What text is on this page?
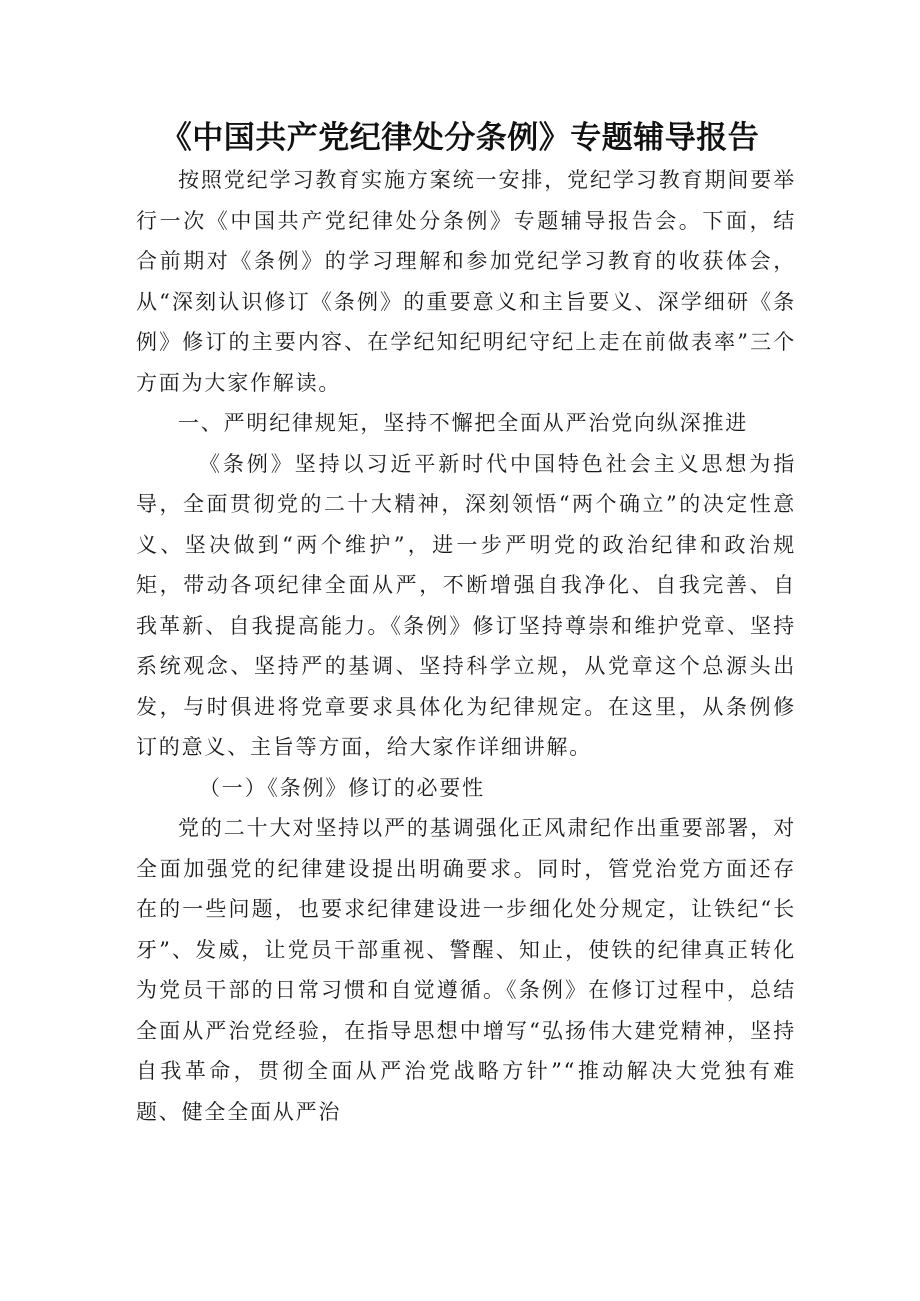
《中国共产党纪律处分条例》专题辅导报告

按照党纪学习教育实施方案统一安排，党纪学习教育期间要举行一次《中国共产党纪律处分条例》专题辅导报告会。下面，结合前期对《条例》的学习理解和参加党纪学习教育的收获体会，从“深刻认识修订《条例》的重要意义和主旨要义、深学细研《条例》修订的主要内容、在学纪知纪明纪守纪上走在前做表率”三个方面为大家作解读。

一、严明纪律规矩，坚持不懈把全面从严治党向纵深推进

《条例》坚持以习近平新时代中国特色社会主义思想为指导，全面贯彻党的二十大精神，深刻领悟“两个确立”的决定性意义、坚决做到“两个维护”，进一步严明党的政治纪律和政治规矩，带动各项纪律全面从严，不断增强自我净化、自我完善、自我革新、自我提高能力。《条例》修订坚持尊崇和维护党章、坚持系统观念、坚持严的基调、坚持科学立规，从党章这个总源头出发，与时俱进将党章要求具体化为纪律规定。在这里，从条例修订的意义、主旨等方面，给大家作详细讲解。

（一）《条例》修订的必要性

党的二十大对坚持以严的基调强化正风肃纪作出重要部署，对全面加强党的纪律建设提出明确要求。同时，管党治党方面还存在的一些问题，也要求纪律建设进一步细化处分规定，让铁纪“长牙”、发威，让党员干部重视、警醒、知止，使铁的纪律真正转化为党员干部的日常习惯和自觉遵循。《条例》在修订过程中，总结全面从严治党经验，在指导思想中增写“弘扬伟大建党精神，坚持自我革命，贯彻全面从严治党战略方针”“推动解决大党独有难题、健全全面从严治
